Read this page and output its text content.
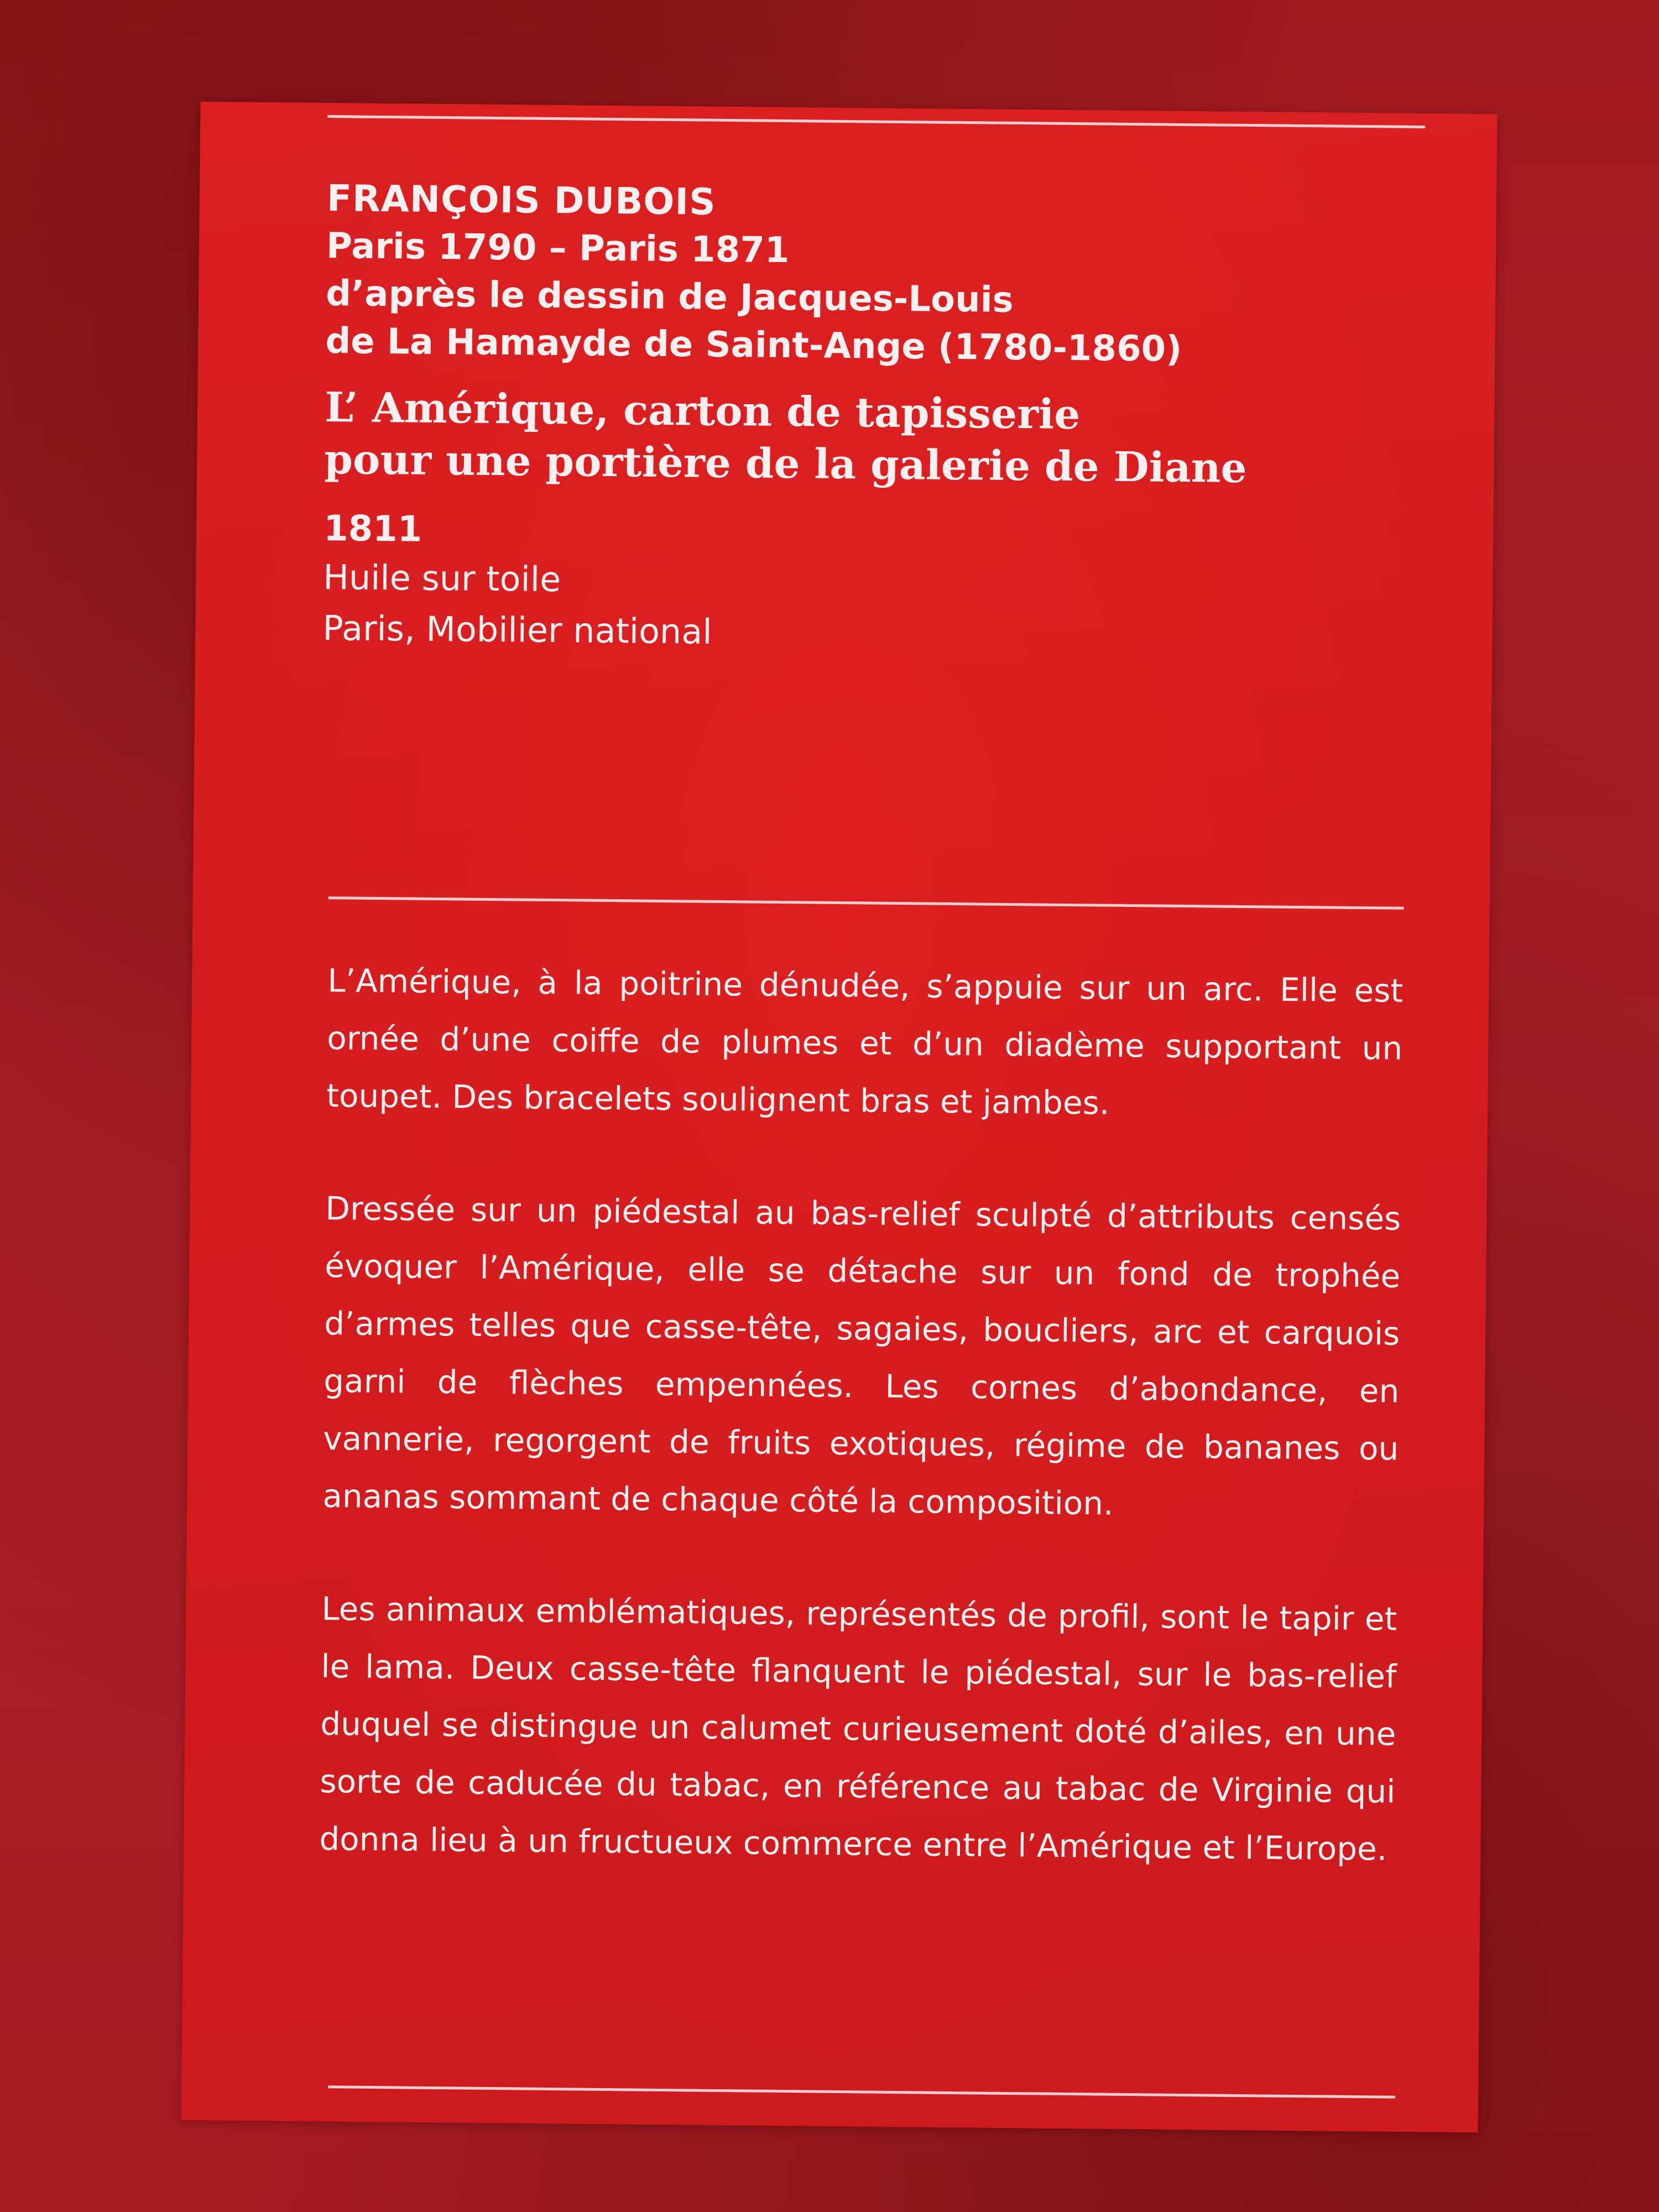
FRANÇOIS DUBOIS
Paris 1790 – Paris 1871
d’après le dessin de Jacques-Louis
de La Hamayde de Saint-Ange (1780-1860)
L’ Amérique, carton de tapisserie
pour une portière de la galerie de Diane
1811
Huile sur toile
Paris, Mobilier national

L’Amérique, à la poitrine dénudée, s’appuie sur un arc. Elle est ornée d’une coiffe de plumes et d’un diadème supportant un toupet. Des bracelets soulignent bras et jambes.

Dressée sur un piédestal au bas-relief sculpté d’attributs censés évoquer l’Amérique, elle se détache sur un fond de trophée d’armes telles que casse-tête, sagaies, boucliers, arc et carquois garni de flèches empennées. Les cornes d’abondance, en vannerie, regorgent de fruits exotiques, régime de bananes ou ananas sommant de chaque côté la composition.

Les animaux emblématiques, représentés de profil, sont le tapir et le lama. Deux casse-tête flanquent le piédestal, sur le bas-relief duquel se distingue un calumet curieusement doté d’ailes, en une sorte de caducée du tabac, en référence au tabac de Virginie qui donna lieu à un fructueux commerce entre l’Amérique et l’Europe.
